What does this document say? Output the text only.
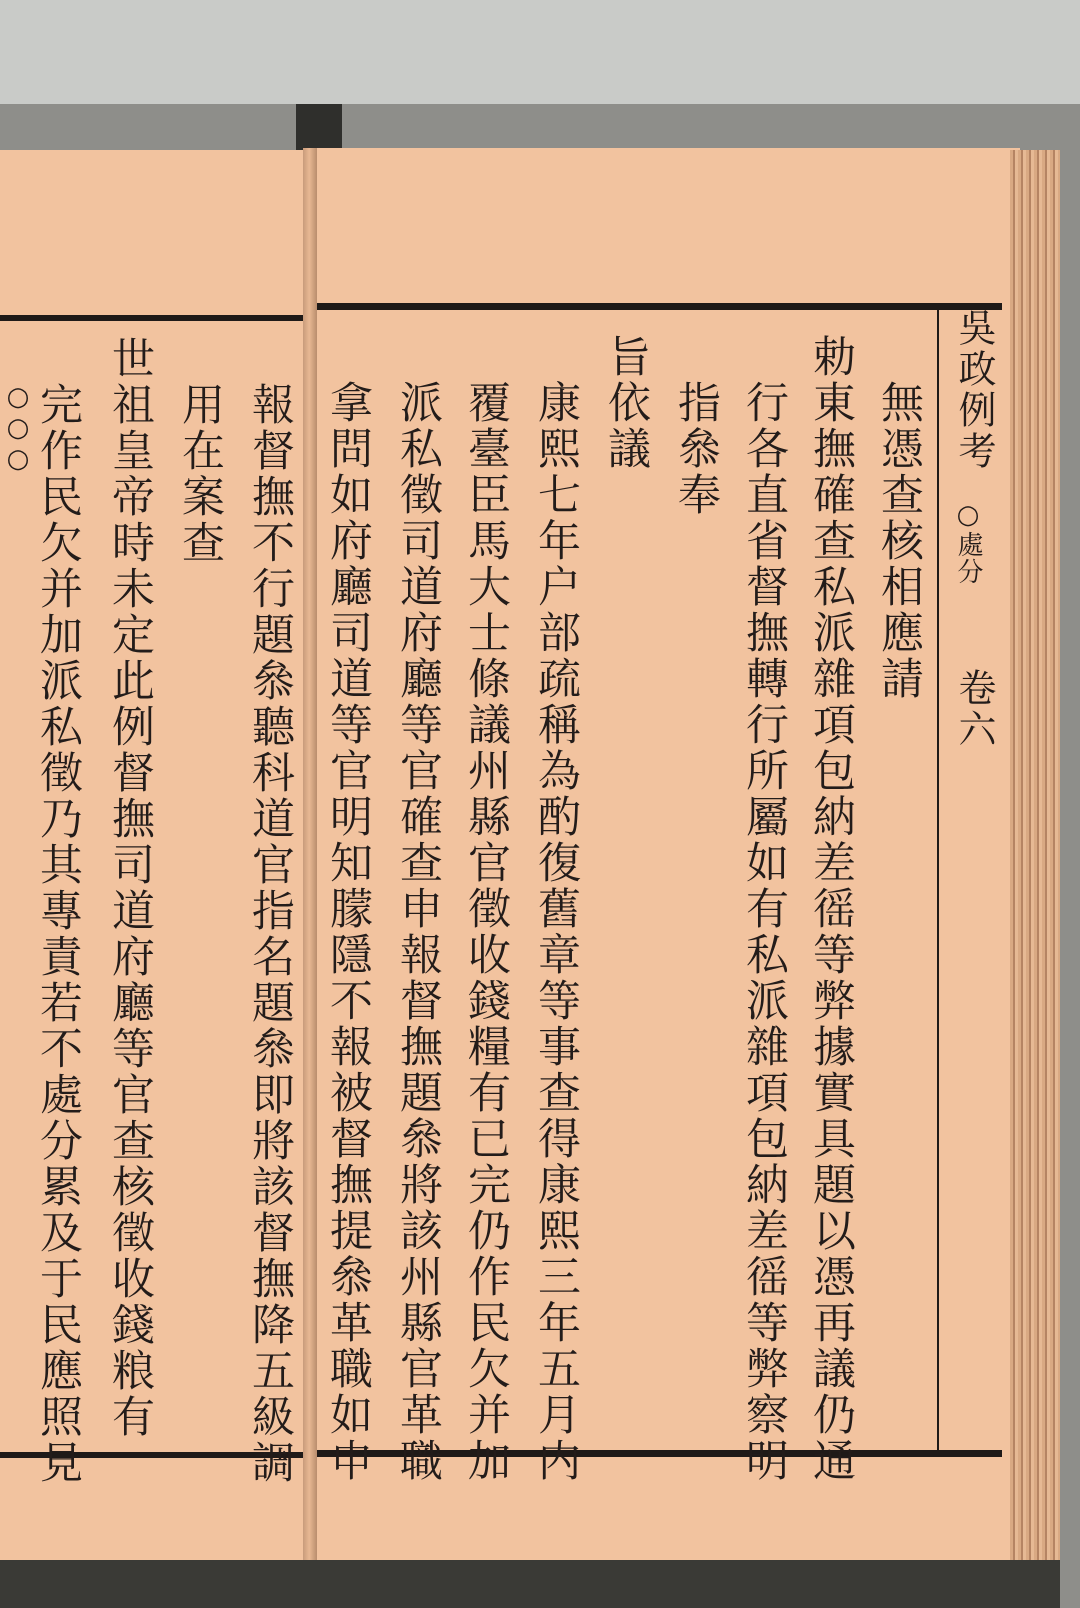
報督撫不行題叅聽科道官指名題叅即將該督撫降五級調
用在案查
世祖皇帝時未定此例督撫司道府廳等官查核徵收錢粮有
完作民欠并加派私徵乃其專責若不處分累及于民應照見
○○○	吳政例考
○處分
卷六
無憑查核相應請
勅東撫確查私派雜項包納差徭等弊據實具題以憑再議仍通
行各直省督撫轉行所屬如有私派雜項包納差徭等弊察明
指叅奉
旨依議
康熙七年户部疏稱為酌復舊章等事查得康熙三年五月内
覆臺臣馬大士條議州縣官徵收錢糧有已完仍作民欠并加
派私徵司道府廳等官確查申報督撫題叅將該州縣官革職
拿問如府廳司道等官明知朦隱不報被督撫提叅革職如申
